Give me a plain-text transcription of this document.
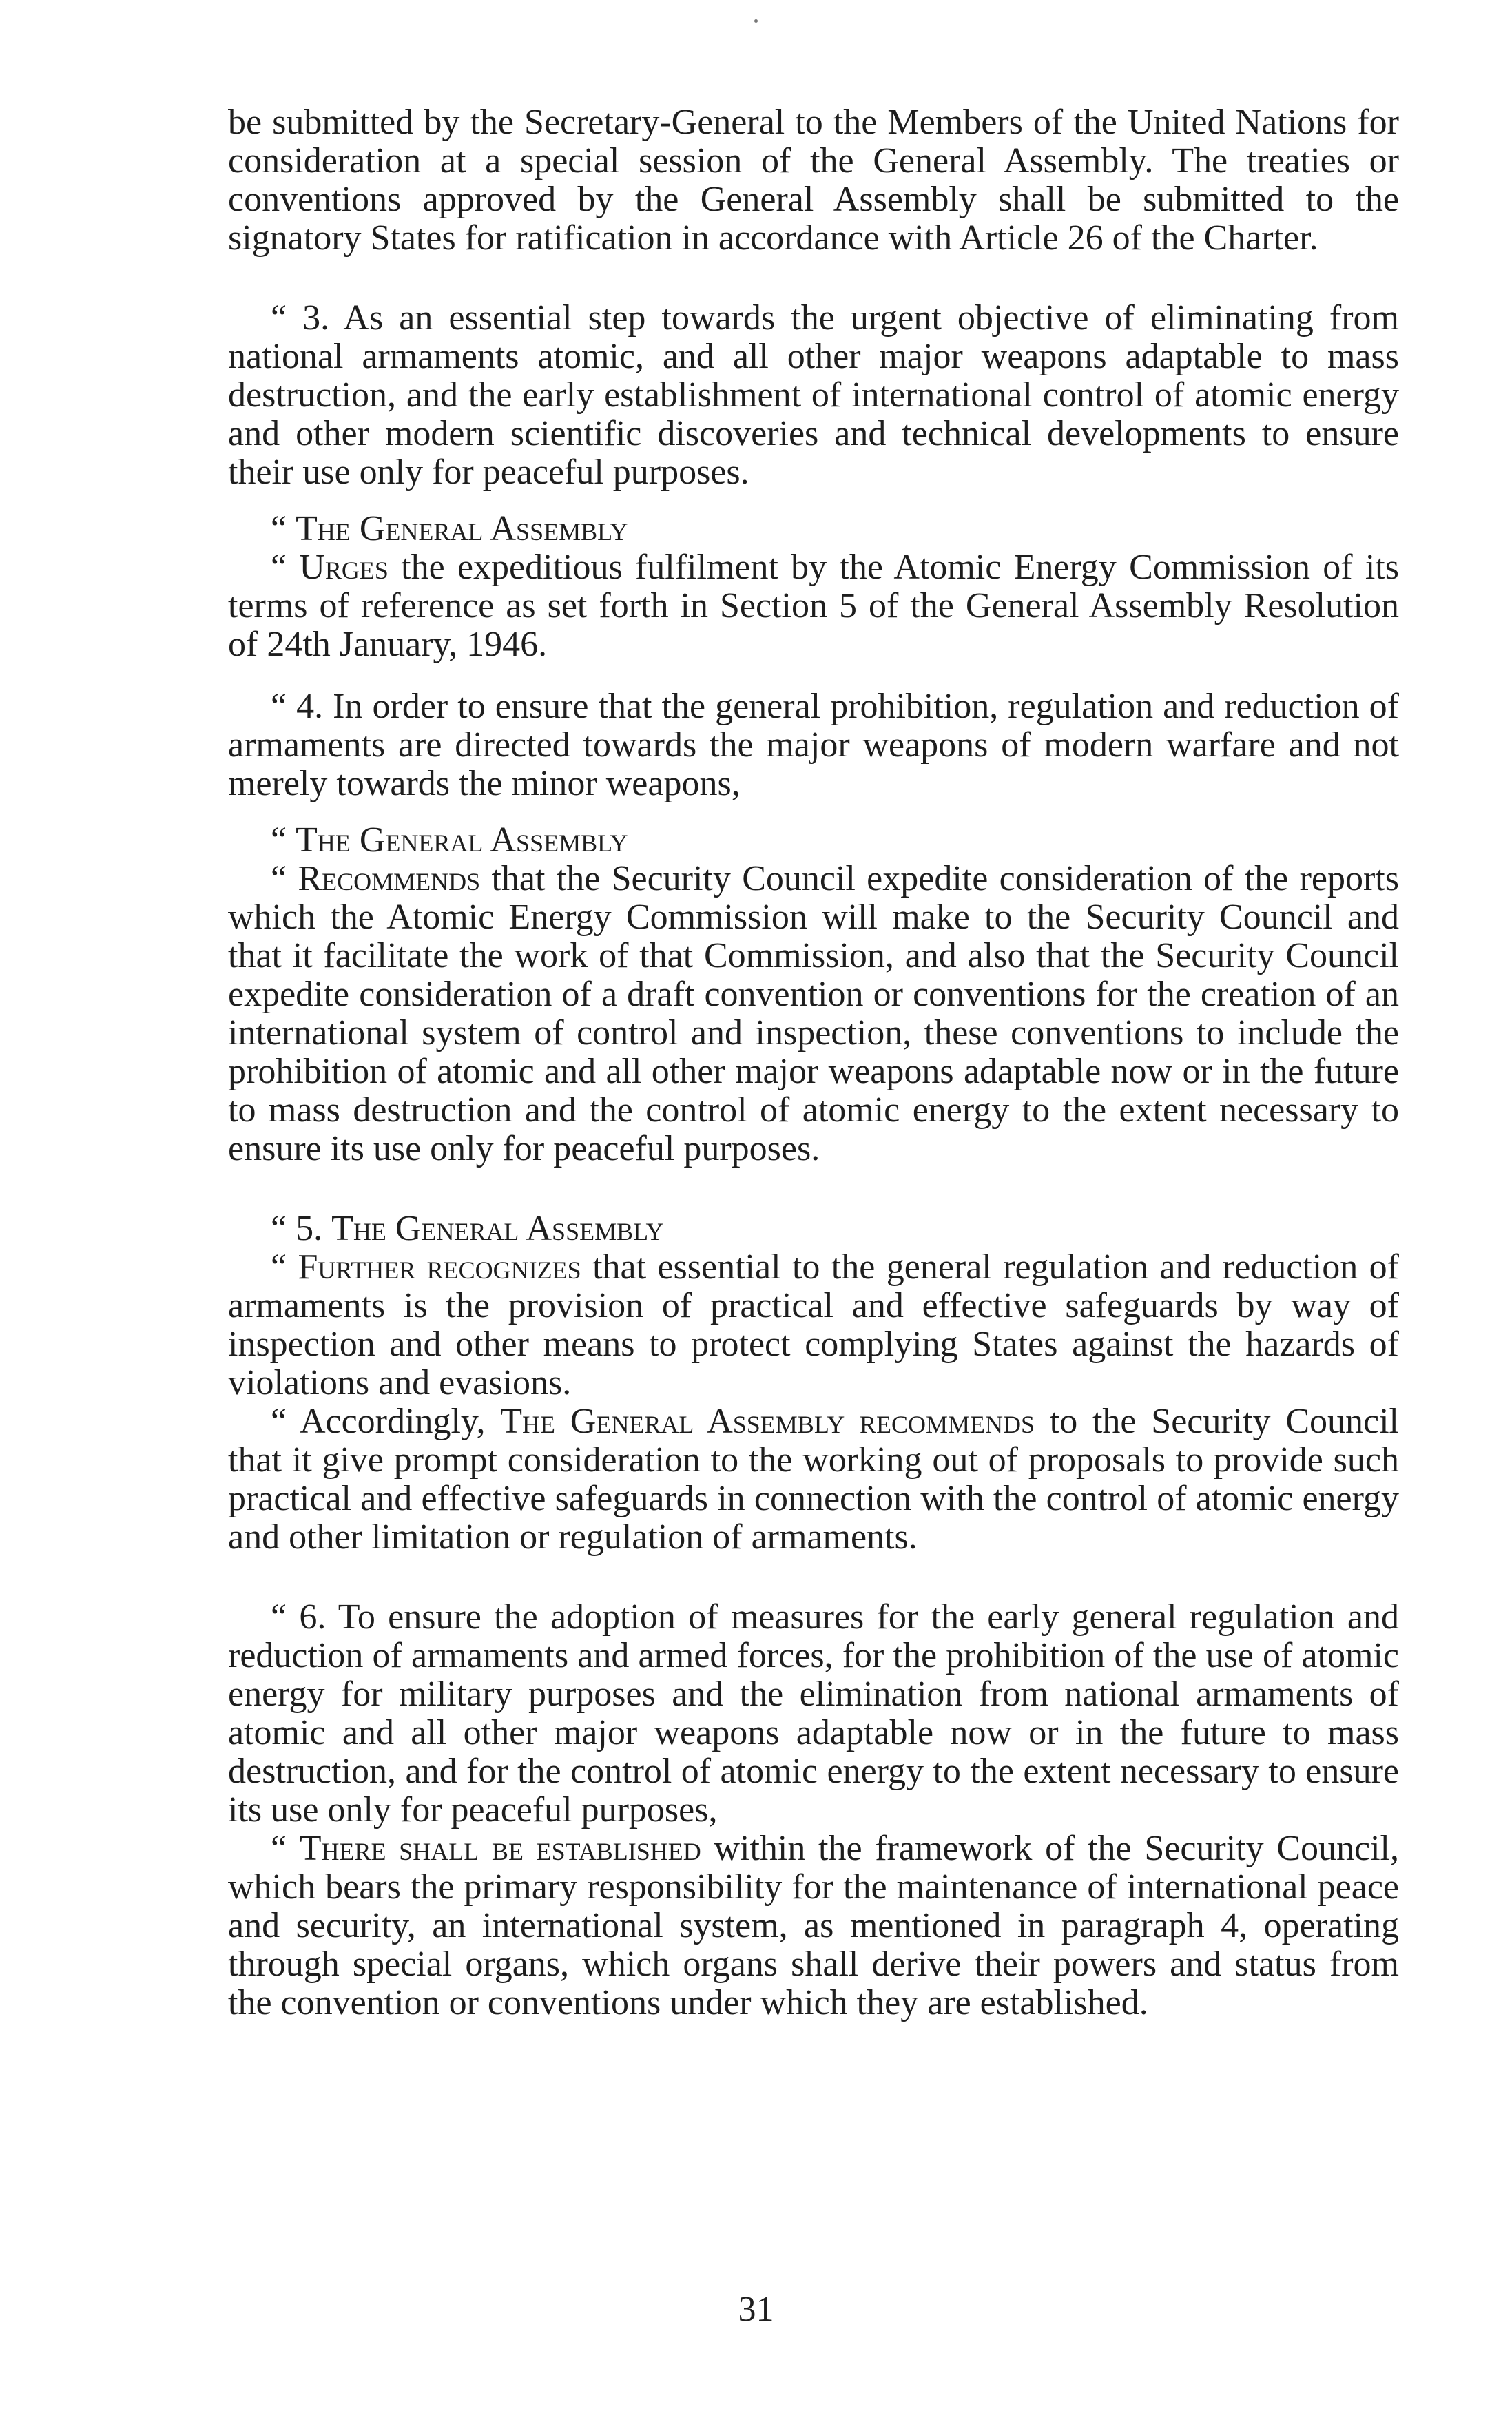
be submitted by the Secretary-General to the Members of the United Nations for consideration at a special session of the General Assembly. The treaties or conventions approved by the General Assembly shall be submitted to the signatory States for ratification in accordance with Article 26 of the Charter.

“ 3. As an essential step towards the urgent objective of eliminating from national armaments atomic, and all other major weapons adaptable to mass destruction, and the early establishment of international control of atomic energy and other modern scientific discoveries and technical developments to ensure their use only for peaceful purposes.

“ The General Assembly

“ Urges the expeditious fulfilment by the Atomic Energy Commission of its terms of reference as set forth in Section 5 of the General Assembly Resolution of 24th January, 1946.

“ 4. In order to ensure that the general prohibition, regulation and reduction of armaments are directed towards the major weapons of modern warfare and not merely towards the minor weapons,

“ The General Assembly

“ Recommends that the Security Council expedite consideration of the reports which the Atomic Energy Commission will make to the Security Council and that it facilitate the work of that Commission, and also that the Security Council expedite consideration of a draft convention or conventions for the creation of an international system of control and inspection, these conventions to include the prohibition of atomic and all other major weapons adaptable now or in the future to mass destruction and the control of atomic energy to the extent necessary to ensure its use only for peaceful purposes.

“ 5. The General Assembly

“ Further recognizes that essential to the general regulation and reduction of armaments is the provision of practical and effective safeguards by way of inspection and other means to protect complying States against the hazards of violations and evasions.

“ Accordingly, The General Assembly recommends to the Security Council that it give prompt consideration to the working out of proposals to provide such practical and effective safeguards in connection with the control of atomic energy and other limitation or regulation of armaments.

“ 6. To ensure the adoption of measures for the early general regulation and reduction of armaments and armed forces, for the prohibition of the use of atomic energy for military purposes and the elimination from national armaments of atomic and all other major weapons adaptable now or in the future to mass destruction, and for the control of atomic energy to the extent necessary to ensure its use only for peaceful purposes,

“ There shall be established within the framework of the Security Council, which bears the primary responsibility for the maintenance of international peace and security, an international system, as mentioned in paragraph 4, operating through special organs, which organs shall derive their powers and status from the convention or conventions under which they are established.

31
